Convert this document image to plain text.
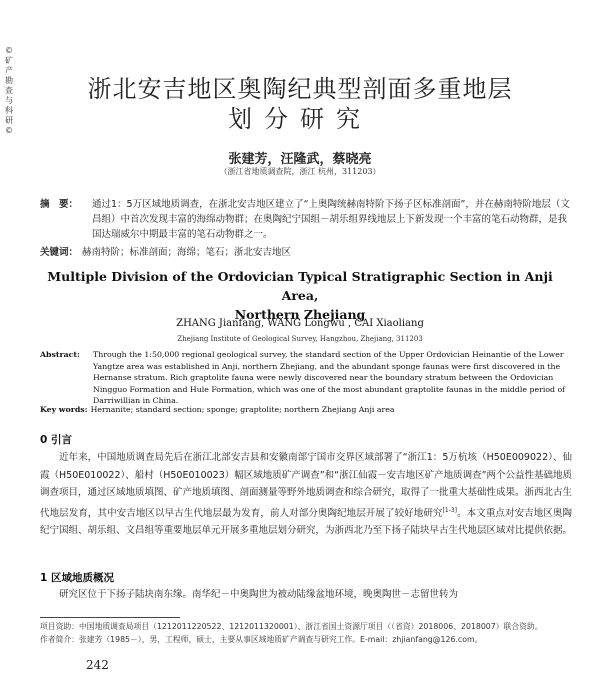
©矿产勘查与科研©
浙北安吉地区奥陶纪典型剖面多重地层
划分研究
张建芳，汪隆武，蔡晓亮
（浙江省地质调查院，浙江 杭州，311203）
摘　要： 通过1：5万区域地质调查，在浙北安吉地区建立了“上奥陶统赫南特阶下扬子区标准剖面”，并在赫南特阶地层（文昌组）中首次发现丰富的海绵动物群；在奥陶纪宁国组－胡乐组界线地层上下新发现一个丰富的笔石动物群，是我国达瑞威尔中期最丰富的笔石动物群之一。
关键词： 赫南特阶；标准剖面；海绵；笔石；浙北安吉地区
Multiple Division of the Ordovician Typical Stratigraphic Section in Anji Area,
Northern Zhejiang
ZHANG Jianfang, WANG Longwu , CAI Xiaoliang
Zhejiang Institute of Geological Survey, Hangzhou, Zhejiang, 311203
Abstract: Through the 1:50,000 regional geological survey, the standard section of the Upper Ordovician Heinantie of the Lower Yangtze area was established in Anji, northern Zhejiang, and the abundant sponge faunas were first discovered in the Hernanse stratum. Rich graptolite fauna were newly discovered near the boundary stratum between the Ordovician Ningguo Formation and Hule Formation, which was one of the most abundant graptolite faunas in the middle period of Darriwillian in China.
Key words: Hernanite; standard section; sponge; graptolite; northern Zhejiang Anji area
0 引言
近年来，中国地质调查局先后在浙江北部安吉县和安徽南部宁国市交界区域部署了“浙江1：5万杭垓（H50E009022）、仙霞（H50E010022）、船村（H50E010023）幅区域地质矿产调查”和“浙江仙霞－安吉地区矿产地质调查”两个公益性基础地质调查项目，通过区域地质填图、矿产地质填图、剖面测量等野外地质调查和综合研究，取得了一批重大基础性成果。浙西北古生代地层发育，其中安吉地区以早古生代地层最为发育，前人对部分奥陶纪地层开展了较好地研究[1-3]。本文重点对安吉地区奥陶纪宁国组、胡乐组、文昌组等重要地层单元开展多重地层划分研究，为浙西北乃至下扬子陆块早古生代地层区域对比提供依据。
1 区域地质概况
研究区位于下扬子陆块南东缘。南华纪－中奥陶世为被动陆缘盆地环境，晚奥陶世－志留世转为
项目资助：中国地质调查局项目（1212011220522、1212011320001）、浙江省国土资源厅项目（（省资）2018006、2018007）联合资助。
作者简介：张建芳（1985－），男，工程师，硕士，主要从事区域地质矿产调查与研究工作。E-mail：zhjianfang@126.com。
242
